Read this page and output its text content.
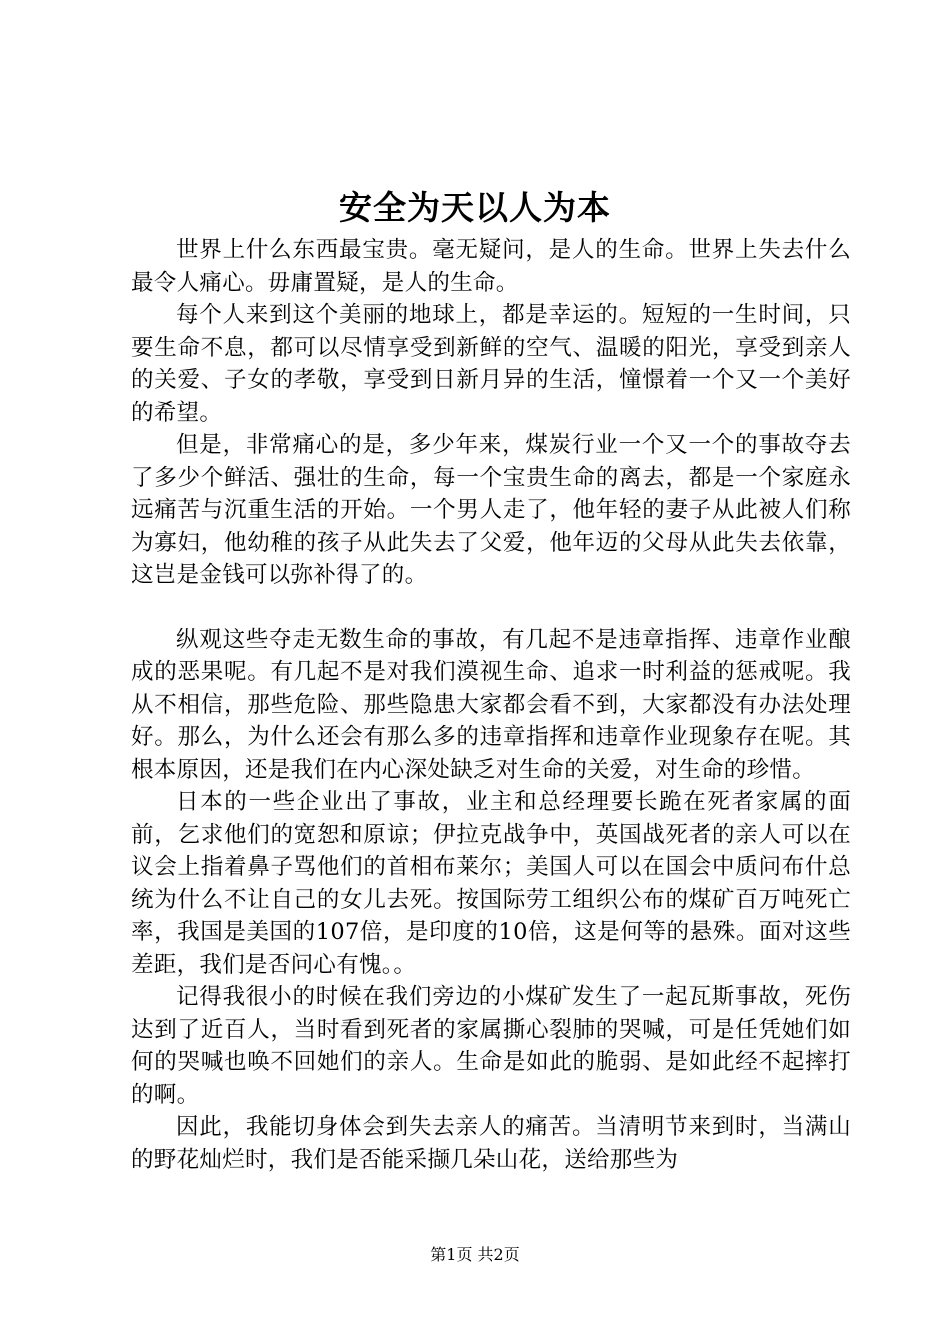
安全为天以人为本

世界上什么东西最宝贵。毫无疑问，是人的生命。世界上失去什么最令人痛心。毋庸置疑，是人的生命。

每个人来到这个美丽的地球上，都是幸运的。短短的一生时间，只要生命不息，都可以尽情享受到新鲜的空气、温暖的阳光，享受到亲人的关爱、子女的孝敬，享受到日新月异的生活，憧憬着一个又一个美好的希望。

但是，非常痛心的是，多少年来，煤炭行业一个又一个的事故夺去了多少个鲜活、强壮的生命，每一个宝贵生命的离去，都是一个家庭永远痛苦与沉重生活的开始。一个男人走了，他年轻的妻子从此被人们称为寡妇，他幼稚的孩子从此失去了父爱，他年迈的父母从此失去依靠，这岂是金钱可以弥补得了的。

纵观这些夺走无数生命的事故，有几起不是违章指挥、违章作业酿成的恶果呢。有几起不是对我们漠视生命、追求一时利益的惩戒呢。我从不相信，那些危险、那些隐患大家都会看不到，大家都没有办法处理好。那么，为什么还会有那么多的违章指挥和违章作业现象存在呢。其根本原因，还是我们在内心深处缺乏对生命的关爱，对生命的珍惜。

日本的一些企业出了事故，业主和总经理要长跪在死者家属的面前，乞求他们的宽恕和原谅；伊拉克战争中，英国战死者的亲人可以在议会上指着鼻子骂他们的首相布莱尔；美国人可以在国会中质问布什总统为什么不让自己的女儿去死。按国际劳工组织公布的煤矿百万吨死亡率，我国是美国的107倍，是印度的10倍，这是何等的悬殊。面对这些差距，我们是否问心有愧。。

记得我很小的时候在我们旁边的小煤矿发生了一起瓦斯事故，死伤达到了近百人，当时看到死者的家属撕心裂肺的哭喊，可是任凭她们如何的哭喊也唤不回她们的亲人。生命是如此的脆弱、是如此经不起摔打的啊。

因此，我能切身体会到失去亲人的痛苦。当清明节来到时，当满山的野花灿烂时，我们是否能采撷几朵山花，送给那些为

第1页 共2页
